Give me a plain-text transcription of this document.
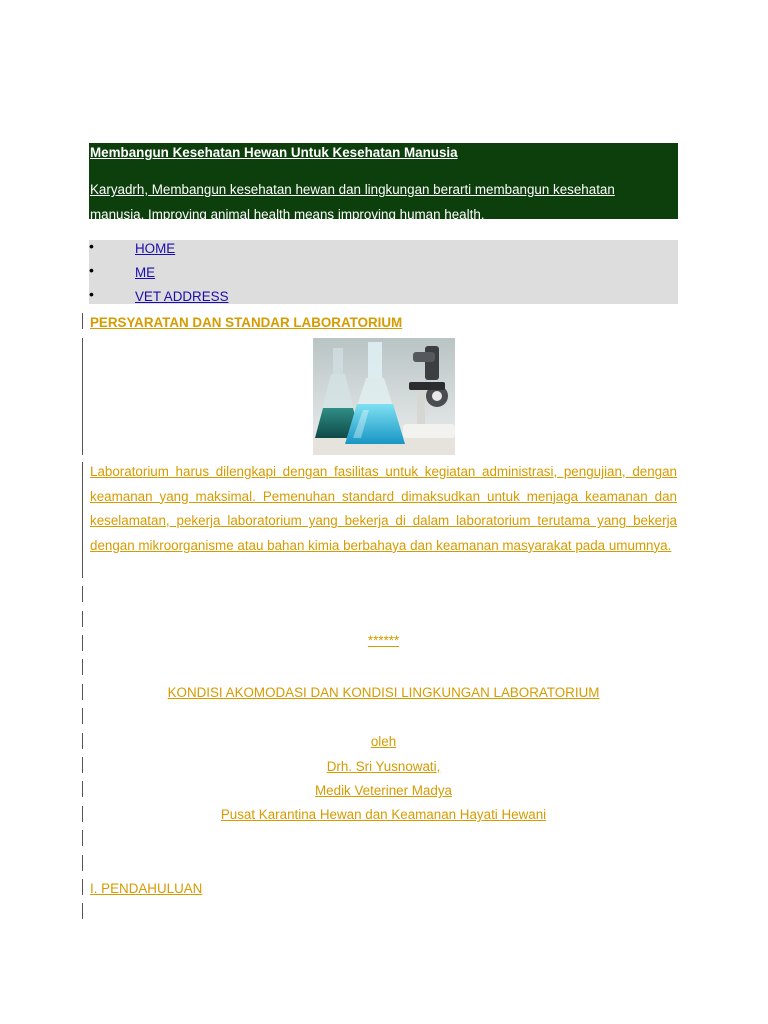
Membangun Kesehatan Hewan Untuk Kesehatan Manusia
Karyadrh, Membangun kesehatan hewan dan lingkungan berarti membangun kesehatan manusia. Improving animal health means improving human health.
•	HOME
•	ME
•	VET ADDRESS
PERSYARATAN DAN STANDAR LABORATORIUM
Laboratorium harus dilengkapi dengan fasilitas untuk kegiatan administrasi, pengujian, dengan keamanan yang maksimal. Pemenuhan standard dimaksudkan untuk menjaga keamanan dan keselamatan, pekerja laboratorium yang bekerja di dalam laboratorium terutama yang bekerja dengan mikroorganisme atau bahan kimia berbahaya dan keamanan masyarakat pada umumnya.
******
KONDISI AKOMODASI DAN KONDISI LINGKUNGAN LABORATORIUM
oleh
Drh. Sri Yusnowati,
Medik Veteriner Madya
Pusat Karantina Hewan dan Keamanan Hayati Hewani
I. PENDAHULUAN
